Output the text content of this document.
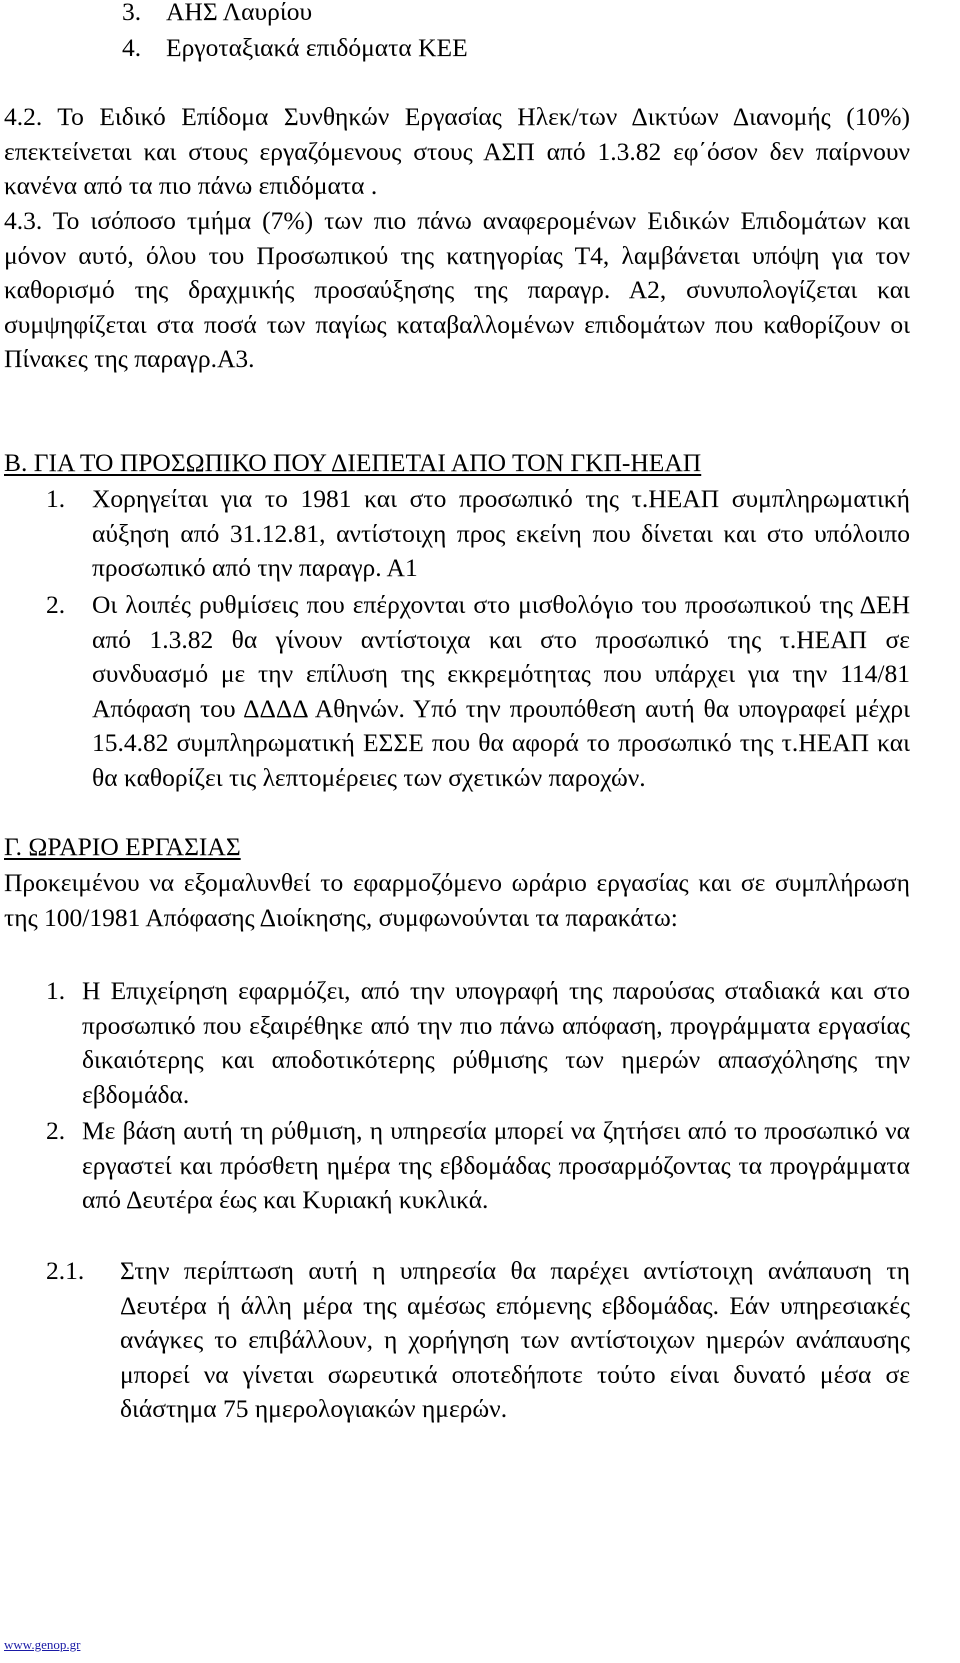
3. ΑΗΣ Λαυρίου
4. Εργοταξιακά επιδόματα ΚΕΕ
4.2. Το Ειδικό Επίδομα Συνθηκών Εργασίας Ηλεκ/των Δικτύων Διανομής (10%) επεκτείνεται και στους εργαζόμενους στους ΑΣΠ από 1.3.82 εφ΄όσον δεν παίρνουν κανένα από τα πιο πάνω επιδόματα .
4.3. Το ισόποσο τμήμα (7%) των πιο πάνω αναφερομένων Ειδικών Επιδομάτων και μόνον αυτό, όλου του Προσωπικού της κατηγορίας Τ4, λαμβάνεται υπόψη για τον καθορισμό της δραχμικής προσαύξησης της παραγρ. Α2, συνυπολογίζεται και συμψηφίζεται στα ποσά των παγίως καταβαλλομένων επιδομάτων που καθορίζουν οι Πίνακες της παραγρ.Α3.
Β. ΓΙΑ ΤΟ ΠΡΟΣΩΠΙΚΟ ΠΟΥ ΔΙΕΠΕΤΑΙ ΑΠΟ ΤΟΝ ΓΚΠ-ΗΕΑΠ
1. Χορηγείται για το 1981 και στο προσωπικό της τ.ΗΕΑΠ συμπληρωματική αύξηση από 31.12.81, αντίστοιχη προς εκείνη που δίνεται και στο υπόλοιπο προσωπικό από την παραγρ. Α1
2. Οι λοιπές ρυθμίσεις που επέρχονται στο μισθολόγιο του προσωπικού της ΔΕΗ από 1.3.82 θα γίνουν αντίστοιχα και στο προσωπικό της τ.ΗΕΑΠ σε συνδυασμό με την επίλυση της εκκρεμότητας που υπάρχει για την 114/81 Απόφαση του ΔΔΔΔ Αθηνών. Υπό την προυπόθεση αυτή θα υπογραφεί μέχρι 15.4.82 συμπληρωματική ΕΣΣΕ που θα αφορά το προσωπικό της τ.ΗΕΑΠ και θα καθορίζει τις λεπτομέρειες των σχετικών παροχών.
Γ. ΩΡΑΡΙΟ ΕΡΓΑΣΙΑΣ
Προκειμένου να εξομαλυνθεί το εφαρμοζόμενο ωράριο εργασίας και σε συμπλήρωση της 100/1981 Απόφασης Διοίκησης, συμφωνούνται τα παρακάτω:
1. Η Επιχείρηση εφαρμόζει, από την υπογραφή της παρούσας σταδιακά και στο προσωπικό που εξαιρέθηκε από την πιο πάνω απόφαση, προγράμματα εργασίας δικαιότερης και αποδοτικότερης ρύθμισης των ημερών απασχόλησης την εβδομάδα.
2. Με βάση αυτή τη ρύθμιση, η υπηρεσία μπορεί να ζητήσει από το προσωπικό να εργαστεί και πρόσθετη ημέρα της εβδομάδας προσαρμόζοντας τα προγράμματα από Δευτέρα έως και Κυριακή κυκλικά.
2.1. Στην περίπτωση αυτή η υπηρεσία θα παρέχει αντίστοιχη ανάπαυση τη Δευτέρα ή άλλη μέρα της αμέσως επόμενης εβδομάδας. Εάν υπηρεσιακές ανάγκες το επιβάλλουν, η χορήγηση των αντίστοιχων ημερών ανάπαυσης μπορεί να γίνεται σωρευτικά οποτεδήποτε τούτο είναι δυνατό μέσα σε διάστημα 75 ημερολογιακών ημερών.
www.genop.gr
